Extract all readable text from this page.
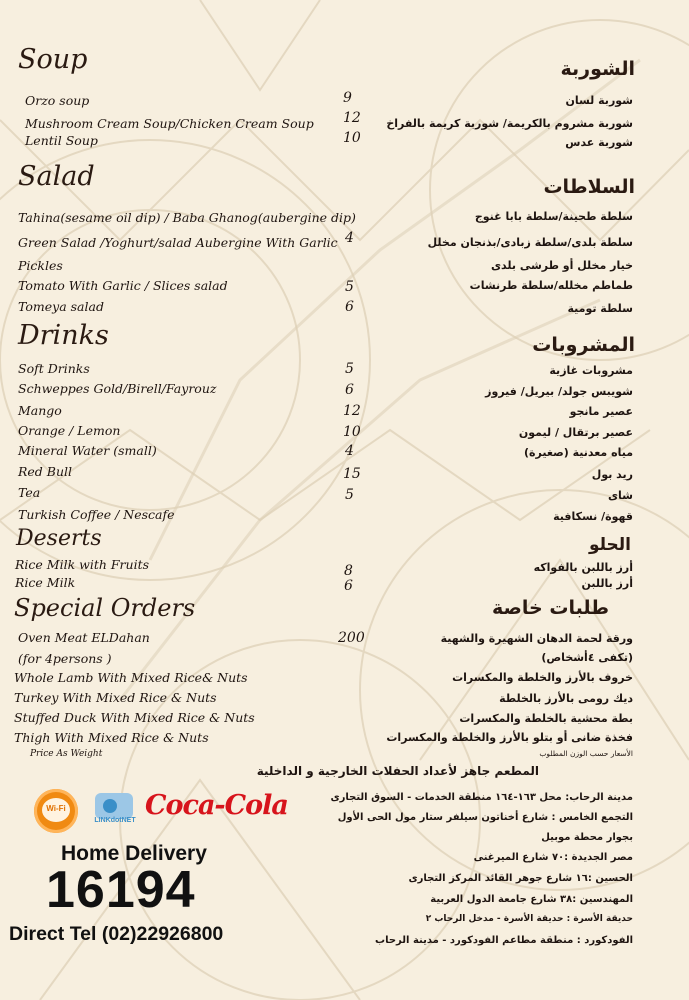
Soup	الشوربة
Orzo soup	9	شوربة لسان
Mushroom Cream Soup/Chicken Cream Soup 12 شوربة مشروم بالكريمة/ شوربة كريمة بالفراخ
Lentil Soup	10	شوربة عدس
Salad	السلاطات
Tahina(sesame oil dip) / Baba Ghanog(aubergine dip)	سلطة طحينة/سلطة بابا غنوج
Green Salad /Yoghurt/salad Aubergine With Garlic 4	سلطة بلدى/سلطة زبادى/بذنجان مخلل
Pickles	خيار مخلل أو طرشى بلدى
Tomato With Garlic / Slices salad	5	طماطم مخلله/سلطة طرنشات
Tomeya salad	6	سلطة تومية
Drinks	المشروبات
Soft Drinks	5	مشروبات غازية
Schweppes Gold/Birell/Fayrouz	6	شويبس جولد/ بيريل/ فيروز
Mango	12	عصير مانجو
Orange / Lemon	10	عصير برتقال / ليمون
Mineral Water (small)	4	مياه معدنية (صغيرة)
Red Bull	15	ريد بول
Tea	5	شاى
Turkish Coffee / Nescafe	قهوة/ نسكافية
Deserts	الحلو
Rice Milk with Fruits	8	أرز باللبن بالفواكه
Rice Milk	6	أرز باللبن
Special Orders	طلبات خاصة
Oven Meat ELDahan	200	ورقة لحمة الدهان الشهيرة والشهية
(for 4persons )	(تكفى ٤أشخاص)
Whole Lamb With Mixed Rice& Nuts	خروف بالأرز والخلطة والمكسرات
Turkey With Mixed Rice & Nuts	ديك رومى بالأرز بالخلطة
Stuffed Duck With Mixed Rice & Nuts	بطة محشية بالخلطة والمكسرات
Thigh With Mixed Rice & Nuts	فخذة ضانى أو بتلو بالأرز والخلطة والمكسرات
Price As Weight	الأسعار حسب الوزن المطلوب
المطعم جاهز لأعداد الحفلات الخارجية و الداخلية
مدينة الرحاب: محل ١٦٣-١٦٤ منطقة الخدمات - السوق التجارى
التجمع الخامس : شارع أخناتون سيلفر ستار مول الحى الأول
بجوار محطة موبيل
مصر الجديدة :٧٠ شارع الميرغنى
الحسين :١٦ شارع جوهر القائد المركز التجارى
المهندسين :٣٨ شارع جامعة الدول العربية
حديقة الأسرة : حديقة الأسرة - مدخل الرحاب ٢
الفودكورد : منطقة مطاعم الفودكورد - مدينة الرحاب
Wi-Fi
LINKdotNET Coca-Cola
Home Delivery
16194
Direct Tel (02)22926800
